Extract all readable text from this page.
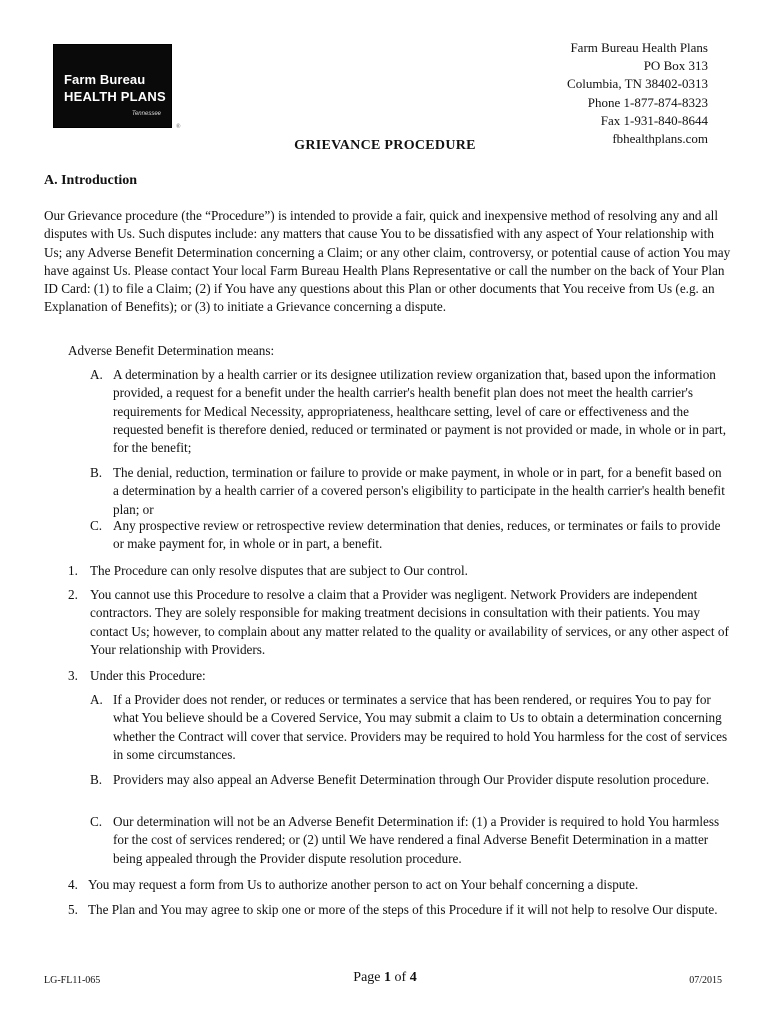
Farm Bureau
HEALTH PLANS
Tennessee
®
Farm Bureau Health Plans
PO Box 313
Columbia, TN 38402-0313
Phone 1-877-874-8323
Fax 1-931-840-8644
fbhealthplans.com
GRIEVANCE PROCEDURE
A. Introduction

Our Grievance procedure (the “Procedure”) is intended to provide a fair, quick and inexpensive method of resolving any and all disputes with Us. Such disputes include: any matters that cause You to be dissatisfied with any aspect of Your relationship with Us; any Adverse Benefit Determination concerning a Claim; or any other claim, controversy, or potential cause of action You may have against Us. Please contact Your local Farm Bureau Health Plans Representative or call the number on the back of Your Plan ID Card: (1) to file a Claim; (2) if You have any questions about this Plan or other documents that You receive from Us (e.g. an Explanation of Benefits); or (3) to initiate a Grievance concerning a dispute.

Adverse Benefit Determination means:

A. A determination by a health carrier or its designee utilization review organization that, based upon the information provided, a request for a benefit under the health carrier's health benefit plan does not meet the health carrier's requirements for Medical Necessity, appropriateness, healthcare setting, level of care or effectiveness and the requested benefit is therefore denied, reduced or terminated or payment is not provided or made, in whole or in part, for the benefit;
B. The denial, reduction, termination or failure to provide or make payment, in whole or in part, for a benefit based on a determination by a health carrier of a covered person's eligibility to participate in the health carrier's health benefit plan; or
C. Any prospective review or retrospective review determination that denies, reduces, or terminates or fails to provide or make payment for, in whole or in part, a benefit.
1. The Procedure can only resolve disputes that are subject to Our control.
2. You cannot use this Procedure to resolve a claim that a Provider was negligent. Network Providers are independent contractors. They are solely responsible for making treatment decisions in consultation with their patients. You may contact Us; however, to complain about any matter related to the quality or availability of services, or any other aspect of Your relationship with Providers.
3. Under this Procedure:
A. If a Provider does not render, or reduces or terminates a service that has been rendered, or requires You to pay for what You believe should be a Covered Service, You may submit a claim to Us to obtain a determination concerning whether the Contract will cover that service. Providers may be required to hold You harmless for the cost of services in some circumstances.
B. Providers may also appeal an Adverse Benefit Determination through Our Provider dispute resolution procedure.
C. Our determination will not be an Adverse Benefit Determination if: (1) a Provider is required to hold You harmless for the cost of services rendered; or (2) until We have rendered a final Adverse Benefit Determination in a matter being appealed through the Provider dispute resolution procedure.
4. You may request a form from Us to authorize another person to act on Your behalf concerning a dispute.
5. The Plan and You may agree to skip one or more of the steps of this Procedure if it will not help to resolve Our dispute.
LG-FL11-065	Page 1 of 4	07/2015
